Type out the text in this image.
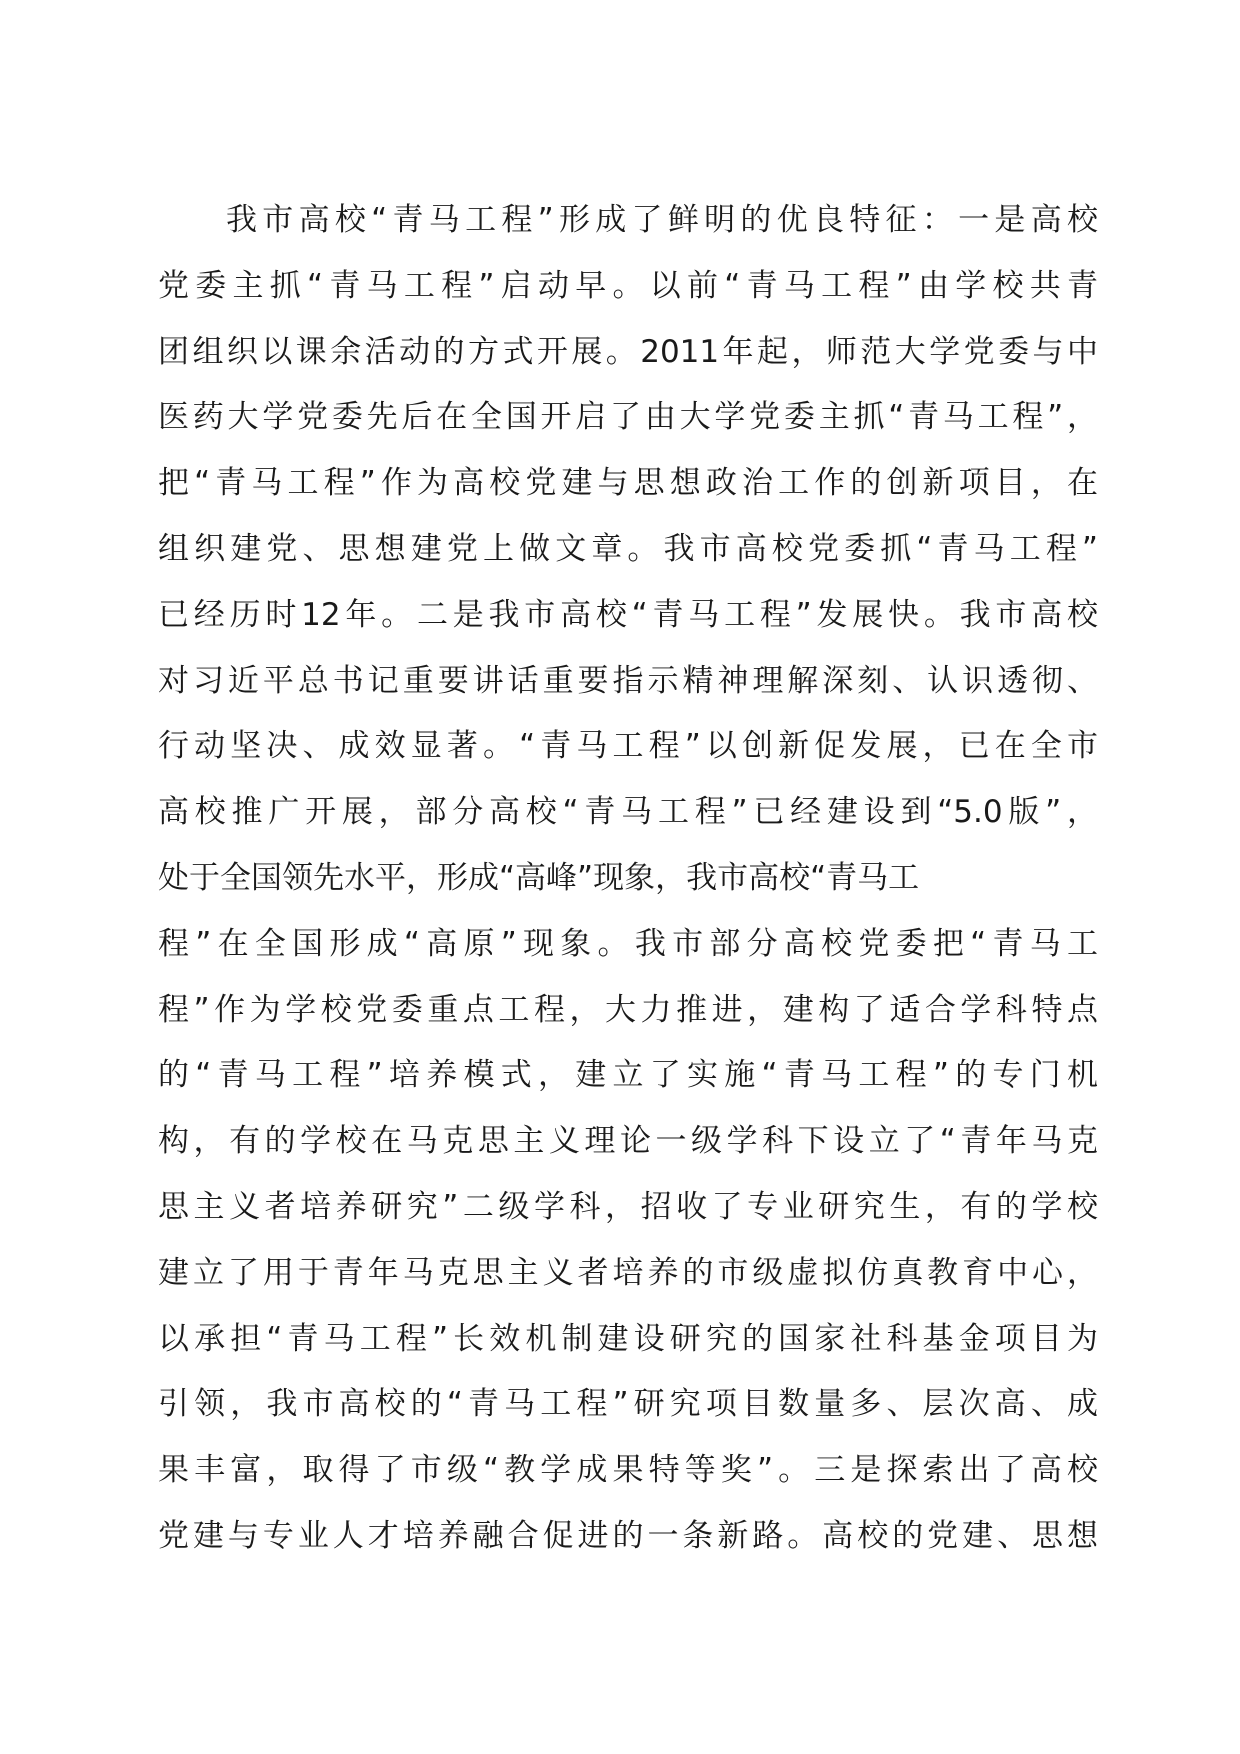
我市高校“青马工程”形成了鲜明的优良特征：一是高校
党委主抓“青马工程”启动早。以前“青马工程”由学校共青
团组织以课余活动的方式开展。2011年起，师范大学党委与中
医药大学党委先后在全国开启了由大学党委主抓“青马工程”，
把“青马工程”作为高校党建与思想政治工作的创新项目，在
组织建党、思想建党上做文章。我市高校党委抓“青马工程”
已经历时12年。二是我市高校“青马工程”发展快。我市高校
对习近平总书记重要讲话重要指示精神理解深刻、认识透彻、
行动坚决、成效显著。“青马工程”以创新促发展，已在全市
高校推广开展，部分高校“青马工程”已经建设到“5.0版”，
处于全国领先水平，形成“高峰”现象，我市高校“青马工
程”在全国形成“高原”现象。我市部分高校党委把“青马工
程”作为学校党委重点工程，大力推进，建构了适合学科特点
的“青马工程”培养模式，建立了实施“青马工程”的专门机
构，有的学校在马克思主义理论一级学科下设立了“青年马克
思主义者培养研究”二级学科，招收了专业研究生，有的学校
建立了用于青年马克思主义者培养的市级虚拟仿真教育中心，
以承担“青马工程”长效机制建设研究的国家社科基金项目为
引领，我市高校的“青马工程”研究项目数量多、层次高、成
果丰富，取得了市级“教学成果特等奖”。三是探索出了高校
党建与专业人才培养融合促进的一条新路。高校的党建、思想
